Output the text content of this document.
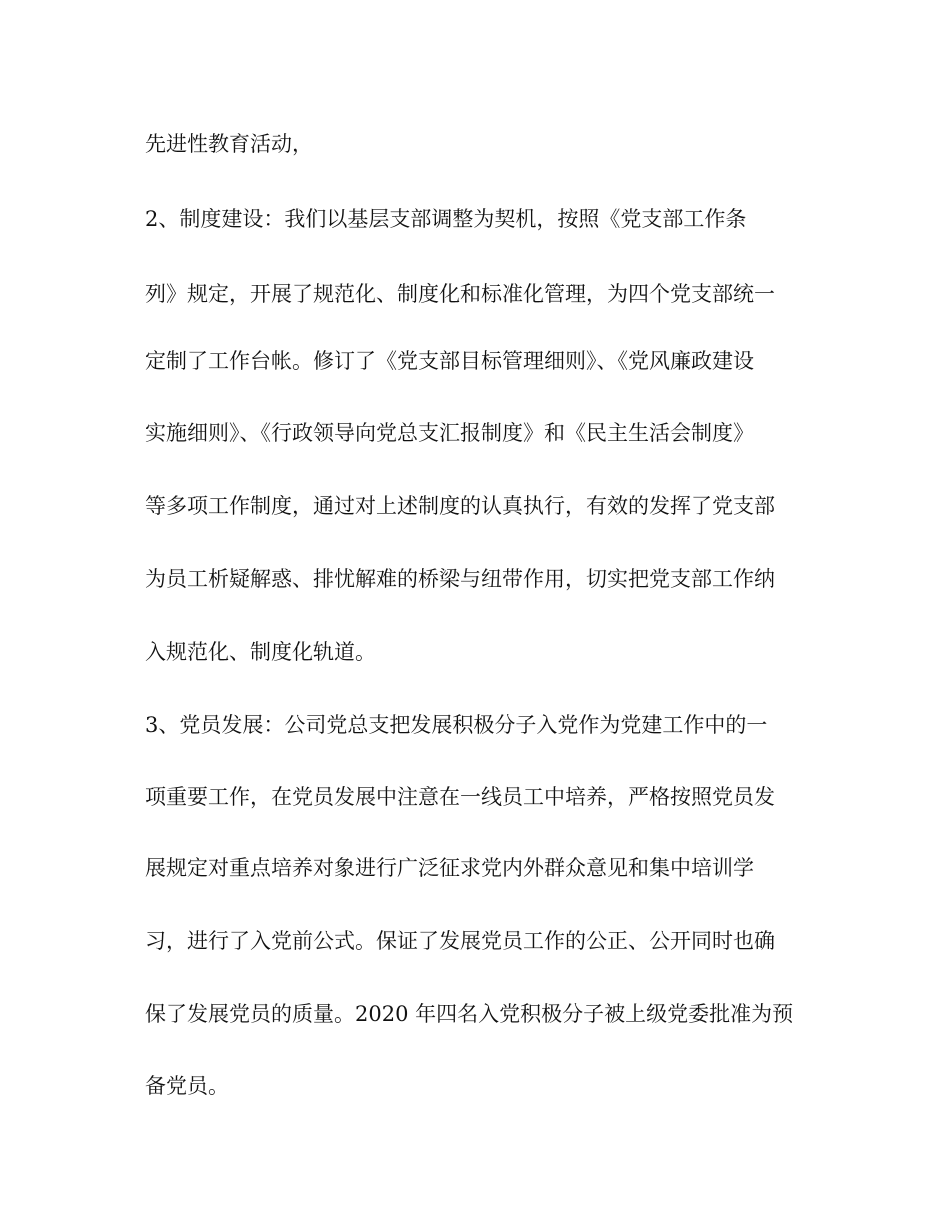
先进性教育活动，
2、制度建设：我们以基层支部调整为契机，按照《党支部工作条
列》规定，开展了规范化、制度化和标准化管理，为四个党支部统一
定制了工作台帐。修订了《党支部目标管理细则》、《党风廉政建设
实施细则》、《行政领导向党总支汇报制度》和《民主生活会制度》
等多项工作制度，通过对上述制度的认真执行，有效的发挥了党支部
为员工析疑解惑、排忧解难的桥梁与纽带作用，切实把党支部工作纳
入规范化、制度化轨道。
3、党员发展：公司党总支把发展积极分子入党作为党建工作中的一
项重要工作，在党员发展中注意在一线员工中培养，严格按照党员发
展规定对重点培养对象进行广泛征求党内外群众意见和集中培训学
习，进行了入党前公式。保证了发展党员工作的公正、公开同时也确
保了发展党员的质量。2020 年四名入党积极分子被上级党委批准为预
备党员。
